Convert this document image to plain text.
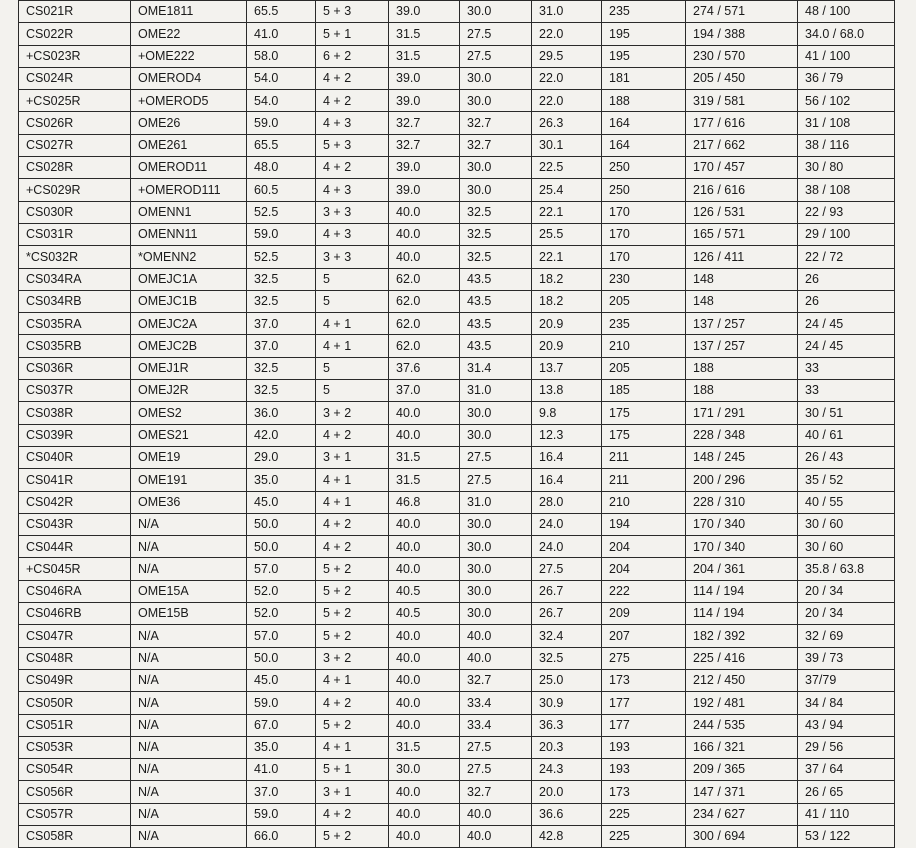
CS021R	OME1811	65.5	5 + 3	39.0	30.0	31.0	235	274 / 571	48 / 100
CS022R	OME22	41.0	5 + 1	31.5	27.5	22.0	195	194 / 388	34.0 / 68.0
+CS023R	+OME222	58.0	6 + 2	31.5	27.5	29.5	195	230 / 570	41 / 100
CS024R	OMEROD4	54.0	4 + 2	39.0	30.0	22.0	181	205 / 450	36 / 79
+CS025R	+OMEROD5	54.0	4 + 2	39.0	30.0	22.0	188	319 / 581	56 / 102
CS026R	OME26	59.0	4 + 3	32.7	32.7	26.3	164	177 / 616	31 / 108
CS027R	OME261	65.5	5 + 3	32.7	32.7	30.1	164	217 / 662	38 / 116
CS028R	OMEROD11	48.0	4 + 2	39.0	30.0	22.5	250	170 / 457	30 / 80
+CS029R	+OMEROD111	60.5	4 + 3	39.0	30.0	25.4	250	216 / 616	38 / 108
CS030R	OMENN1	52.5	3 + 3	40.0	32.5	22.1	170	126 / 531	22 / 93
CS031R	OMENN11	59.0	4 + 3	40.0	32.5	25.5	170	165 / 571	29 / 100
*CS032R	*OMENN2	52.5	3 + 3	40.0	32.5	22.1	170	126 / 411	22 / 72
CS034RA	OMEJC1A	32.5	5	62.0	43.5	18.2	230	148	26
CS034RB	OMEJC1B	32.5	5	62.0	43.5	18.2	205	148	26
CS035RA	OMEJC2A	37.0	4 + 1	62.0	43.5	20.9	235	137 / 257	24 / 45
CS035RB	OMEJC2B	37.0	4 + 1	62.0	43.5	20.9	210	137 / 257	24 / 45
CS036R	OMEJ1R	32.5	5	37.6	31.4	13.7	205	188	33
CS037R	OMEJ2R	32.5	5	37.0	31.0	13.8	185	188	33
CS038R	OMES2	36.0	3 + 2	40.0	30.0	9.8	175	171 / 291	30 / 51
CS039R	OMES21	42.0	4 + 2	40.0	30.0	12.3	175	228 / 348	40 / 61
CS040R	OME19	29.0	3 + 1	31.5	27.5	16.4	211	148 / 245	26 / 43
CS041R	OME191	35.0	4 + 1	31.5	27.5	16.4	211	200 / 296	35 / 52
CS042R	OME36	45.0	4 + 1	46.8	31.0	28.0	210	228 / 310	40 / 55
CS043R	N/A	50.0	4 + 2	40.0	30.0	24.0	194	170 / 340	30 / 60
CS044R	N/A	50.0	4 + 2	40.0	30.0	24.0	204	170 / 340	30 / 60
+CS045R	N/A	57.0	5 + 2	40.0	30.0	27.5	204	204 / 361	35.8 / 63.8
CS046RA	OME15A	52.0	5 + 2	40.5	30.0	26.7	222	114 / 194	20 / 34
CS046RB	OME15B	52.0	5 + 2	40.5	30.0	26.7	209	114 / 194	20 / 34
CS047R	N/A	57.0	5 + 2	40.0	40.0	32.4	207	182 / 392	32 / 69
CS048R	N/A	50.0	3 + 2	40.0	40.0	32.5	275	225 / 416	39 / 73
CS049R	N/A	45.0	4 + 1	40.0	32.7	25.0	173	212 / 450	37/79
CS050R	N/A	59.0	4 + 2	40.0	33.4	30.9	177	192 / 481	34 / 84
CS051R	N/A	67.0	5 + 2	40.0	33.4	36.3	177	244 / 535	43 / 94
CS053R	N/A	35.0	4 + 1	31.5	27.5	20.3	193	166 / 321	29 / 56
CS054R	N/A	41.0	5 + 1	30.0	27.5	24.3	193	209 / 365	37 / 64
CS056R	N/A	37.0	3 + 1	40.0	32.7	20.0	173	147 / 371	26 / 65
CS057R	N/A	59.0	4 + 2	40.0	40.0	36.6	225	234 / 627	41 / 110
CS058R	N/A	66.0	5 + 2	40.0	40.0	42.8	225	300 / 694	53 / 122
